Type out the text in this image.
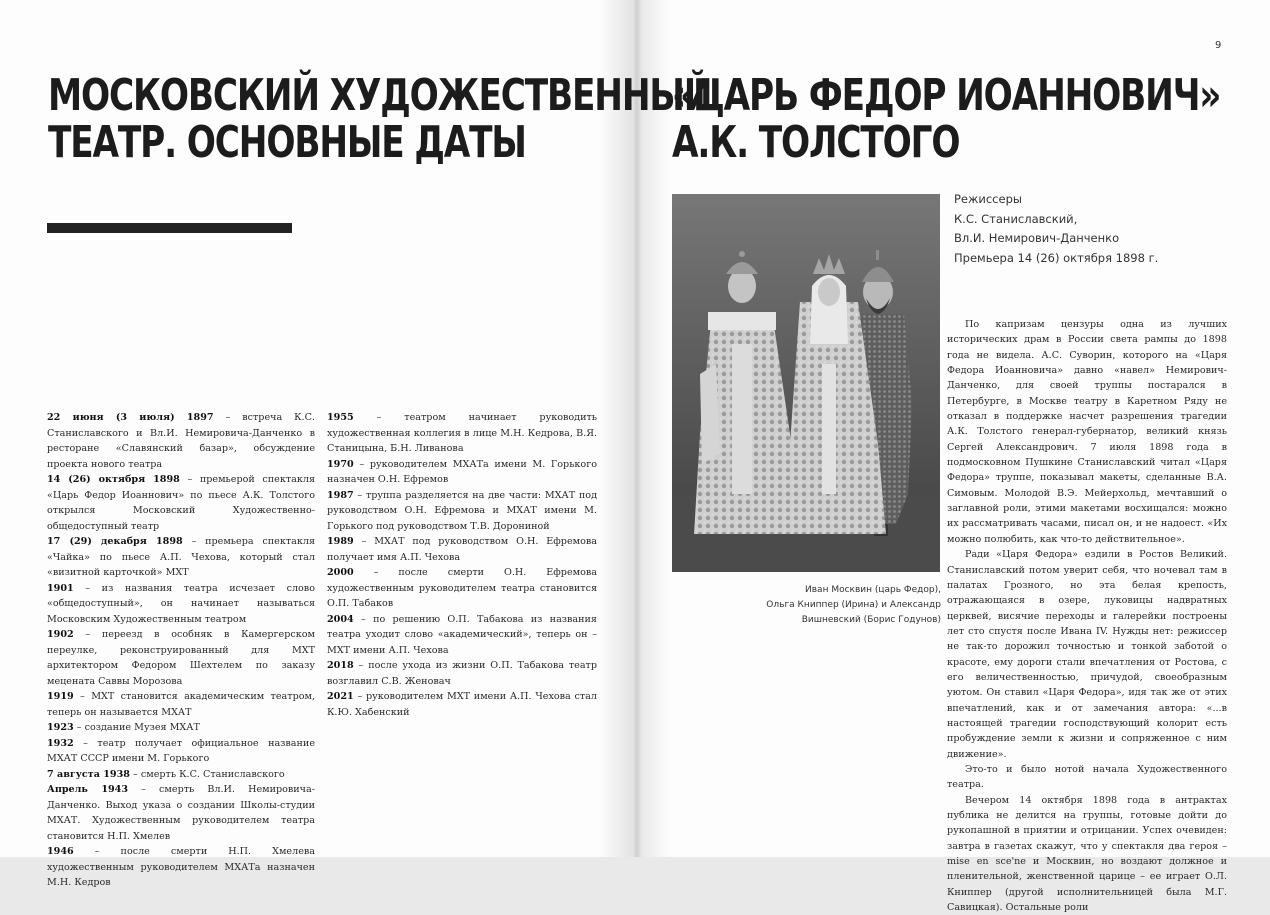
МОСКОВСКИЙ ХУДОЖЕСТВЕННЫЙ
ТЕАТР. ОСНОВНЫЕ ДАТЫ

22 июня (3 июля) 1897 – встреча К.С. Станиславского и Вл.И. Немировича-Данченко в ресторане «Славянский базар», обсуждение проекта нового театра

14 (26) октября 1898 – премьерой спектакля «Царь Федор Иоаннович» по пьесе А.К. Толстого открылся Московский Художественно-общедоступный театр

17 (29) декабря 1898 – премьера спектакля «Чайка» по пьесе А.П. Чехова, который стал «визитной карточкой» МХТ

1901 – из названия театра исчезает слово «общедоступный», он начинает называться Московским Художественным театром

1902 – переезд в особняк в Камергерском переулке, реконструированный для МХТ архитектором Федором Шехтелем по заказу мецената Саввы Морозова

1919 – МХТ становится академическим театром, теперь он называется МХАТ

1923 – создание Музея МХАТ

1932 – театр получает официальное название МХАТ СССР имени М. Горького

7 августа 1938 – смерть К.С. Станиславского

Апрель 1943 – смерть Вл.И. Немировича-Данченко. Выход указа о создании Школы-студии МХАТ. Художественным руководителем театра становится Н.П. Хмелев

1946 – после смерти Н.П. Хмелева художественным руководителем МХАТа назначен М.Н. Кедров

1955 – театром начинает руководить художественная коллегия в лице М.Н. Кедрова, В.Я. Станицына, Б.Н. Ливанова

1970 – руководителем МХАТа имени М. Горького назначен О.Н. Ефремов

1987 – труппа разделяется на две части: МХАТ под руководством О.Н. Ефремова и МХАТ имени М. Горького под руководством Т.В. Дорониной

1989 – МХАТ под руководством О.Н. Ефремова получает имя А.П. Чехова

2000 – после смерти О.Н. Ефремова художественным руководителем театра становится О.П. Табаков

2004 – по решению О.П. Табакова из названия театра уходит слово «академический», теперь он – МХТ имени А.П. Чехова

2018 – после ухода из жизни О.П. Табакова театр возглавил С.В. Женовач

2021 – руководителем МХТ имени А.П. Чехова стал К.Ю. Хабенский

9
«ЦАРЬ ФЕДОР ИОАННОВИЧ»
А.К. ТОЛСТОГО
Иван Москвин (царь Федор),
Ольга Книппер (Ирина) и Александр
Вишневский (Борис Годунов)
Режиссеры
К.С. Станиславский,
Вл.И. Немирович-Данченко
Премьера 14 (26) октября 1898 г.

По капризам цензуры одна из лучших исторических драм в России света рампы до 1898 года не видела. А.С. Суворин, которого на «Царя Федора Иоанновича» давно «навел» Немирович-Данченко, для своей труппы постарался в Петербурге, в Москве театру в Каретном Ряду не отказал в поддержке насчет разрешения трагедии А.К. Толстого генерал-губернатор, великий князь Сергей Александрович. 7 июля 1898 года в подмосковном Пушкине Станиславский читал «Царя Федора» труппе, показывал макеты, сделанные В.А. Симовым. Молодой В.Э. Мейерхольд, мечтавший о заглавной роли, этими макетами восхищался: можно их рассматривать часами, писал он, и не надоест. «Их можно полюбить, как что-то действительное».

Ради «Царя Федора» ездили в Ростов Великий. Станиславский потом уверит себя, что ночевал там в палатах Грозного, но эта белая крепость, отражающаяся в озере, луковицы надвратных церквей, висячие переходы и галерейки построены лет сто спустя после Ивана IV. Нужды нет: режиссер не так-то дорожил точностью и тонкой заботой о красоте, ему дороги стали впечатления от Ростова, с его величественностью, причудой, своеобразным уютом. Он ставил «Царя Федора», идя так же от этих впечатлений, как и от замечания автора: «...в настоящей трагедии господствующий колорит есть пробуждение земли к жизни и сопряженное с ним движение».

Это-то и было нотой начала Художественного театра.

Вечером 14 октября 1898 года в антрактах публика не делится на группы, готовые дойти до рукопашной в приятии и отрицании. Успех очевиден: завтра в газетах скажут, что у спектакля два героя – mise en sce'ne и Москвин, но воздают должное и пленительной, женственной царице – ее играет О.Л. Книппер (другой исполнительницей была М.Г. Савицкая). Остальные роли
